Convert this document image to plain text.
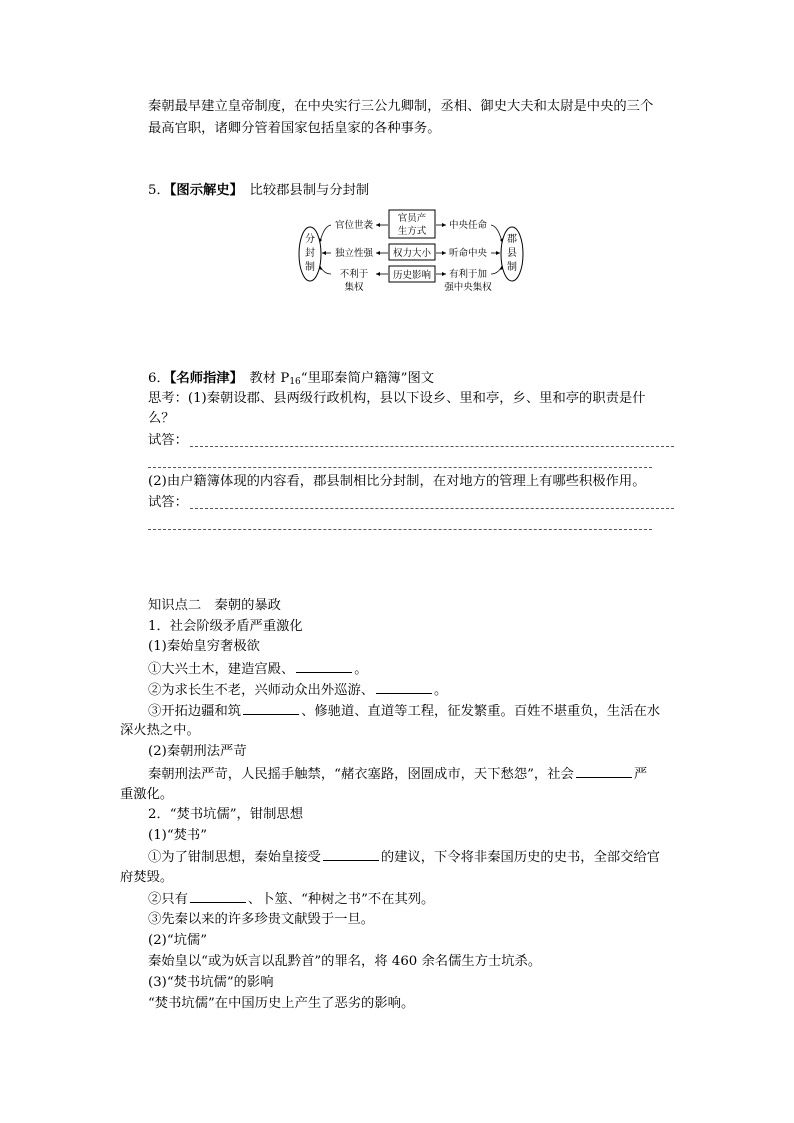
秦朝最早建立皇帝制度，在中央实行三公九卿制，丞相、御史大夫和太尉是中央的三个
最高官职，诸卿分管着国家包括皇家的各种事务。
5．【图示解史】　 比较郡县制与分封制
分
封
制
郡
县
制
官员产
生方式
权力大小
历史影响
官位世袭
独立性强
不利于
集权
中央任命
听命中央
有利于加
强中央集权
6．【名师指津】　 教材 $P_{16}“$里耶秦简户籍簿”图文
思考：(1)秦朝设郡、县两级行政机构，县以下设乡、里和亭，乡、里和亭的职责是什
么？
试答：
(2)由户籍簿体现的内容看，郡县制相比分封制，在对地方的管理上有哪些积极作用。
试答：
知识点二　秦朝的暴政
1．社会阶级矛盾严重激化
(1)秦始皇穷奢极欲
①大兴土木，建造宫殿、	。
②为求长生不老，兴师动众出外巡游、	。
③开拓边疆和筑	、修驰道、直道等工程，征发繁重。百姓不堪重负，生活在水
深火热之中。
(2)秦朝刑法严苛
秦朝刑法严苛，人民摇手触禁，“赭衣塞路，囹圄成市，天下愁怨”，社会	严
重激化。
2．“焚书坑儒”，钳制思想
(1)“焚书”
①为了钳制思想，秦始皇接受	的建议，下令将非秦国历史的史书，全部交给官
府焚毁。
②只有	、卜筮、“种树之书”不在其列。
③先秦以来的许多珍贵文献毁于一旦。
(2)“坑儒”
秦始皇以“或为妖言以乱黔首”的罪名，将 460 余名儒生方士坑杀。
(3)“焚书坑儒”的影响
“焚书坑儒”在中国历史上产生了恶劣的影响。
